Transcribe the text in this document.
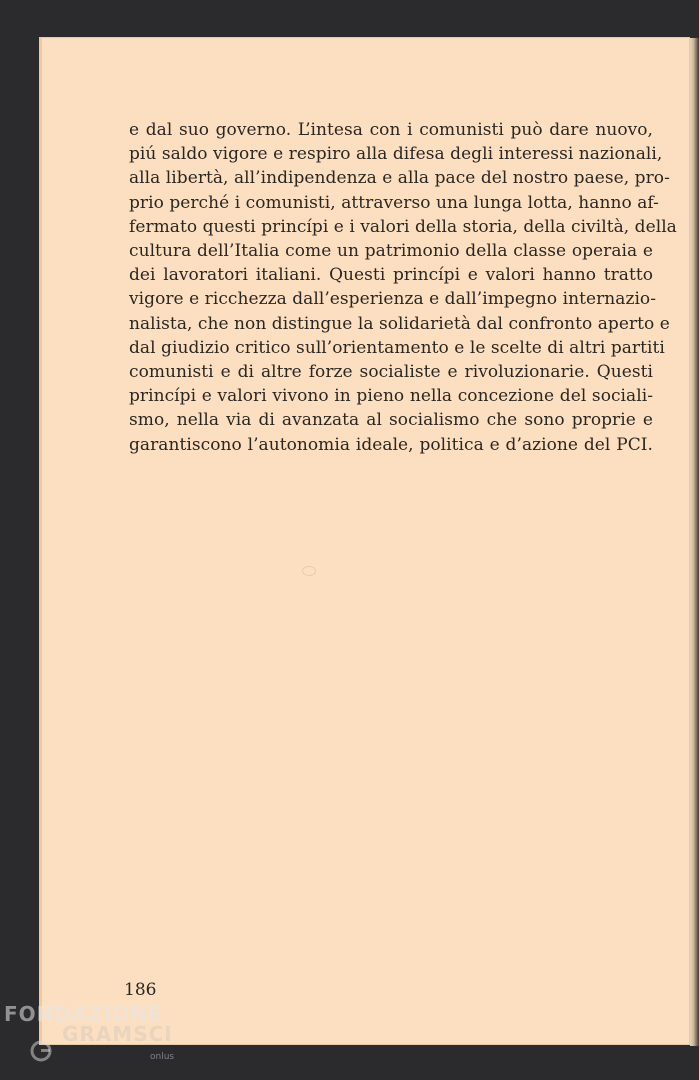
e dal suo governo. L’intesa con i comunisti può dare nuovo,
piú saldo vigore e respiro alla difesa degli interessi nazionali,
alla libertà, all’indipendenza e alla pace del nostro paese, pro-
prio perché i comunisti, attraverso una lunga lotta, hanno af-
fermato questi princípi e i valori della storia, della civiltà, della
cultura dell’Italia come un patrimonio della classe operaia e
dei lavoratori italiani. Questi princípi e valori hanno tratto
vigore e ricchezza dall’esperienza e dall’impegno internazio-
nalista, che non distingue la solidarietà dal confronto aperto e
dal giudizio critico sull’orientamento e le scelte di altri partiti
comunisti e di altre forze socialiste e rivoluzionarie. Questi
princípi e valori vivono in pieno nella concezione del sociali-
smo, nella via di avanzata al socialismo che sono proprie e
garantiscono l’autonomia ideale, politica e d’azione del PCI.

186
FONDAZIONE
GRAMSCI
onlus
